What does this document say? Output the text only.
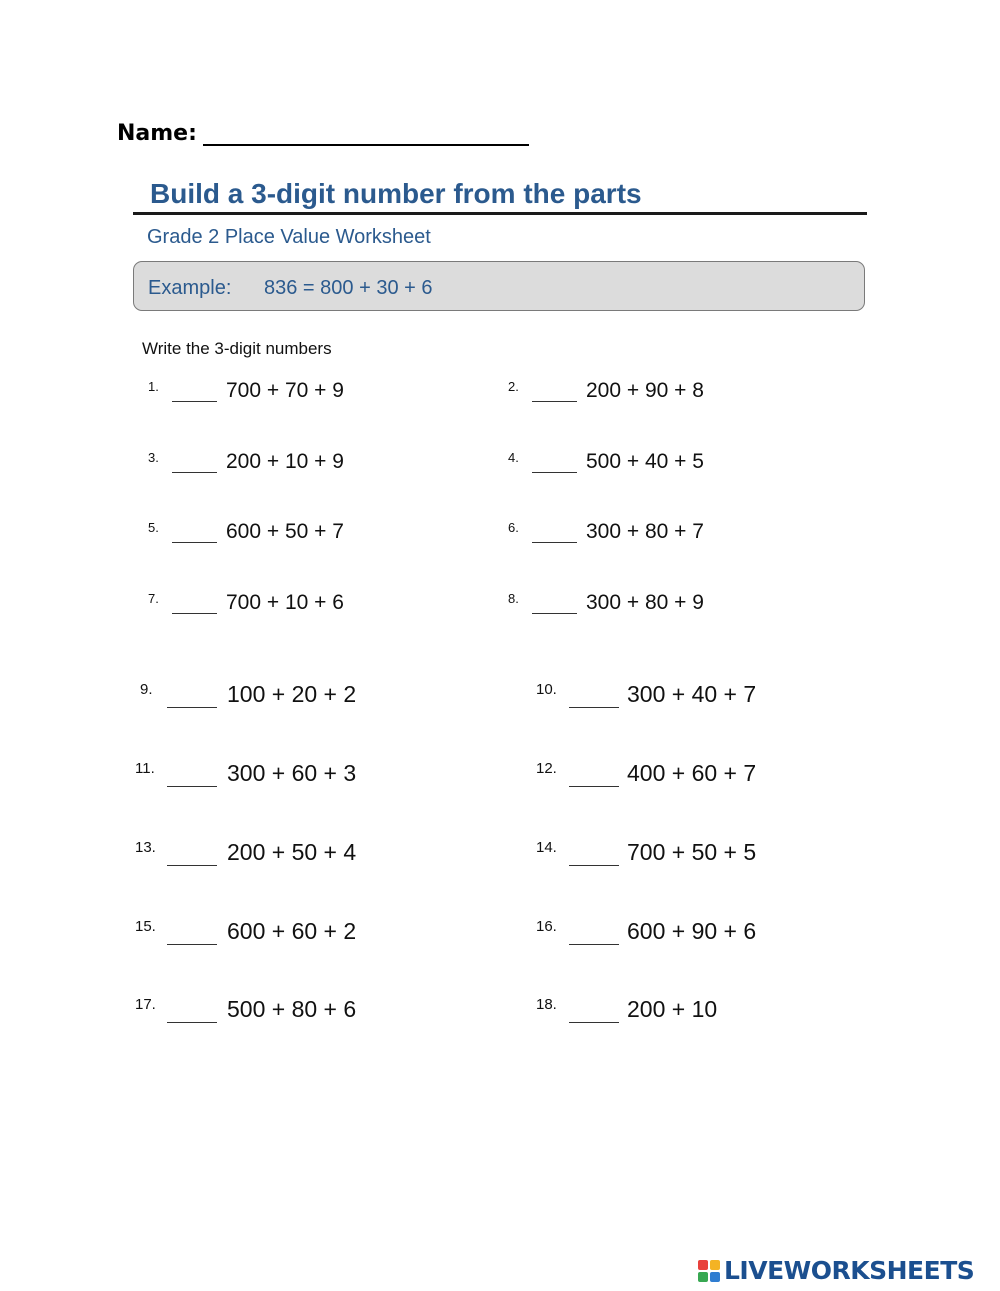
Name:
Build a 3-digit number from the parts
Grade 2 Place Value Worksheet
Example: 836 = 800 + 30 + 6
Write the 3-digit numbers
1.	700 + 70 + 9	2.	200 + 90 + 8
3.	200 + 10 + 9	4.	500 + 40 + 5
5.	600 + 50 + 7	6.	300 + 80 + 7
7.	700 + 10 + 6	8.	300 + 80 + 9
9.	100 + 20 + 2	10.	300 + 40 + 7
11.	300 + 60 + 3	12.	400 + 60 + 7
13.	200 + 50 + 4	14.	700 + 50 + 5
15.	600 + 60 + 2	16.	600 + 90 + 6
17.	500 + 80 + 6	18.	200 + 10
LIVEWORKSHEETS
